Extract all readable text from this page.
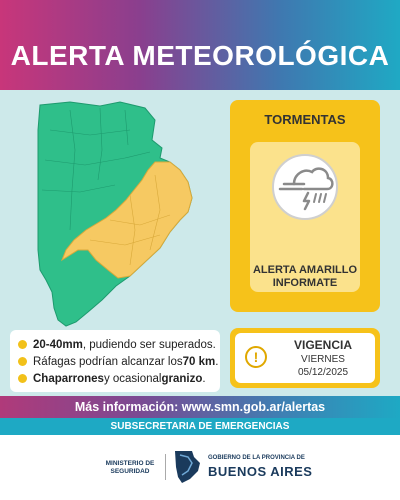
ALERTA METEOROLÓGICA
20-40mm , pudiendo ser superados.
Ráfagas podrían alcanzar los 70 km .
Chaparrones y ocasional granizo .
TORMENTAS
ALERTA AMARILLO
INFORMATE
!
VIGENCIA
VIERNES
05/12/2025
Más información: www.smn.gob.ar/alertas
SUBSECRETARIA DE EMERGENCIAS
MINISTERIO DE
SEGURIDAD
GOBIERNO DE LA PROVINCIA DE
BUENOS AIRES
